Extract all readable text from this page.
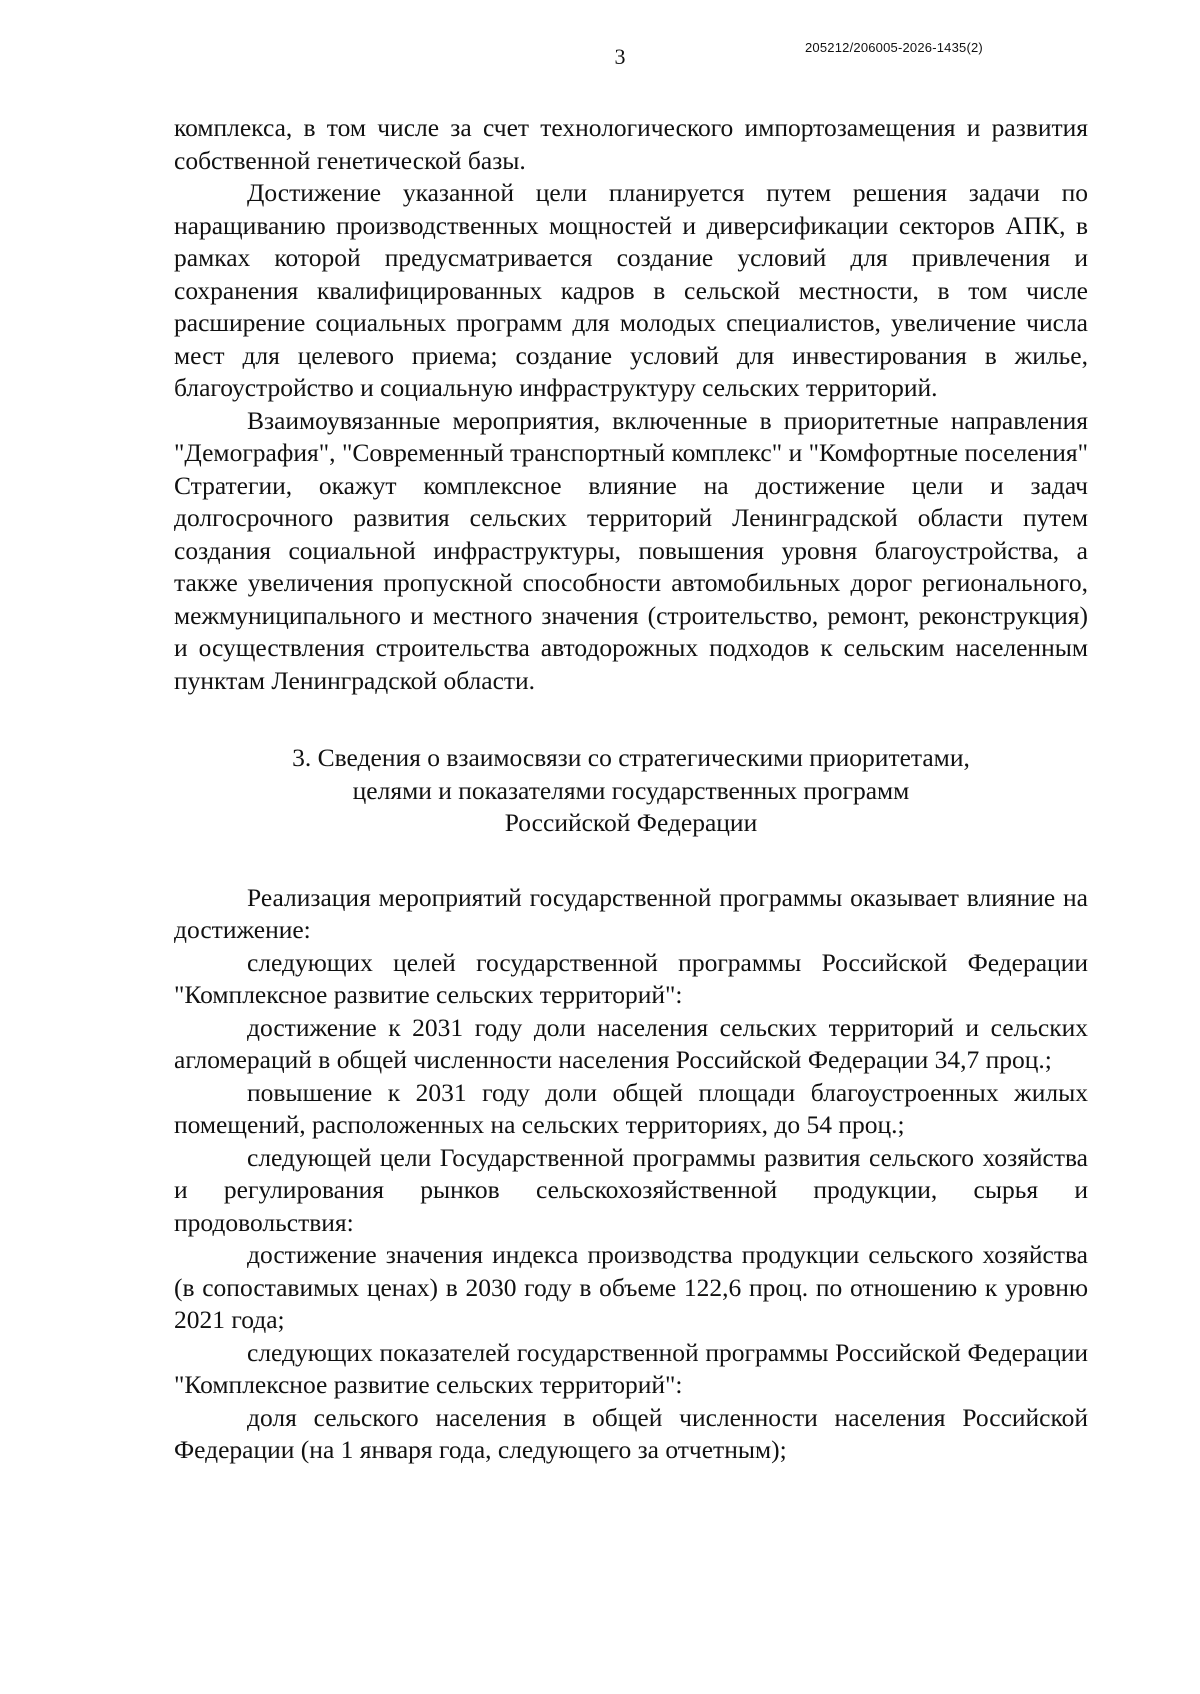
3	205212/206005-2026-1435(2)

комплекса, в том числе за счет технологического импортозамещения и развития собственной генетической базы.

Достижение указанной цели планируется путем решения задачи по наращиванию производственных мощностей и диверсификации секторов АПК, в рамках которой предусматривается создание условий для привлечения и сохранения квалифицированных кадров в сельской местности, в том числе расширение социальных программ для молодых специалистов, увеличение числа мест для целевого приема; создание условий для инвестирования в жилье, благоустройство и социальную инфраструктуру сельских территорий.

Взаимоувязанные мероприятия, включенные в приоритетные направления "Демография", "Современный транспортный комплекс" и "Комфортные поселения" Стратегии, окажут комплексное влияние на достижение цели и задач долгосрочного развития сельских территорий Ленинградской области путем создания социальной инфраструктуры, повышения уровня благоустройства, а также увеличения пропускной способности автомобильных дорог регионального, межмуниципального и местного значения (строительство, ремонт, реконструкция) и осуществления строительства автодорожных подходов к сельским населенным пунктам Ленинградской области.

3. Сведения о взаимосвязи со стратегическими приоритетами,
целями и показателями государственных программ
Российской Федерации

Реализация мероприятий государственной программы оказывает влияние на достижение:

следующих целей государственной программы Российской Федерации "Комплексное развитие сельских территорий":

достижение к 2031 году доли населения сельских территорий и сельских агломераций в общей численности населения Российской Федерации 34,7 проц.;

повышение к 2031 году доли общей площади благоустроенных жилых помещений, расположенных на сельских территориях, до 54 проц.;

следующей цели Государственной программы развития сельского хозяйства и регулирования рынков сельскохозяйственной продукции, сырья и продовольствия:

достижение значения индекса производства продукции сельского хозяйства (в сопоставимых ценах) в 2030 году в объеме 122,6 проц. по отношению к уровню 2021 года;

следующих показателей государственной программы Российской Федерации "Комплексное развитие сельских территорий":

доля сельского населения в общей численности населения Российской Федерации (на 1 января года, следующего за отчетным);
